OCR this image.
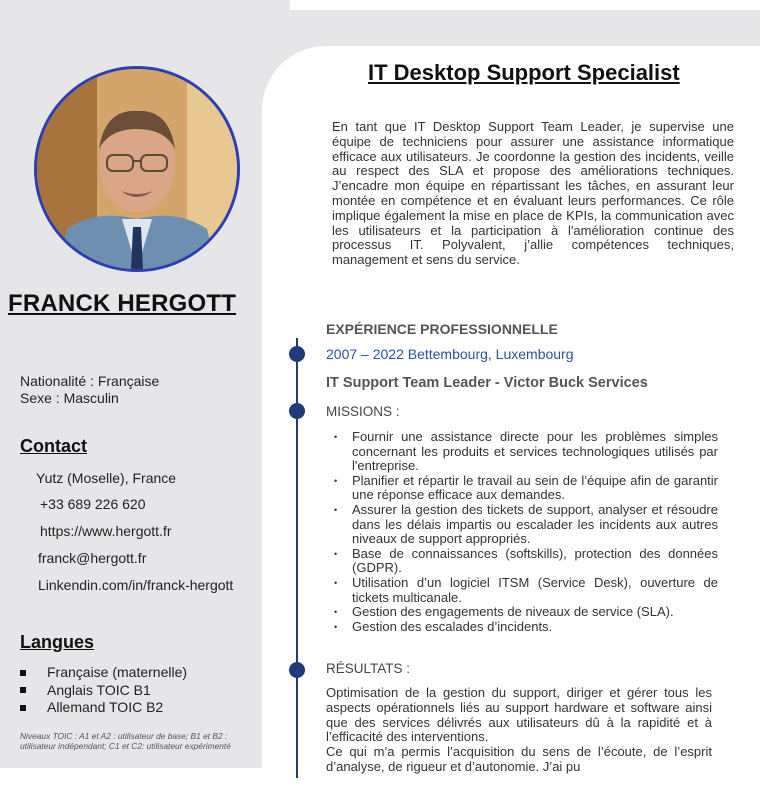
FRANCK HERGOTT
Nationalité : Française
Sexe : Masculin
Contact
Yutz (Moselle), France
+33 689 226 620
https://www.hergott.fr
franck@hergott.fr
Linkendin.com/in/franck-hergott
Langues
Française (maternelle)
Anglais TOIC B1
Allemand TOIC B2
Niveaux TOIC : A1 et A2 : utilisateur de base; B1 et B2 : utilisateur indépendant; C1 et C2: utilisateur expérimenté
IT Desktop Support Specialist
En tant que IT Desktop Support Team Leader, je supervise une équipe de techniciens pour assurer une assistance informatique efficace aux utilisateurs. Je coordonne la gestion des incidents, veille au respect des SLA et propose des améliorations techniques. J’encadre mon équipe en répartissant les tâches, en assurant leur montée en compétence et en évaluant leurs performances. Ce rôle implique également la mise en place de KPIs, la communication avec les utilisateurs et la participation à l'amélioration continue des processus IT. Polyvalent, j’allie compétences techniques, management et sens du service.
EXPÉRIENCE PROFESSIONNELLE
2007 – 2022 Bettembourg, Luxembourg
IT Support Team Leader - Victor Buck Services
MISSIONS :
• Fournir une assistance directe pour les problèmes simples concernant les produits et services technologiques utilisés par l'entreprise.
• Planifier et répartir le travail au sein de l’équipe afin de garantir une réponse efficace aux demandes.
• Assurer la gestion des tickets de support, analyser et résoudre dans les délais impartis ou escalader les incidents aux autres niveaux de support appropriés.
• Base de connaissances (softskills), protection des données (GDPR).
• Utilisation d’un logiciel ITSM (Service Desk), ouverture de tickets multicanale.
• Gestion des engagements de niveaux de service (SLA).
• Gestion des escalades d’incidents.
RÉSULTATS :
Optimisation de la gestion du support, diriger et gérer tous les aspects opérationnels liés au support hardware et software ainsi que des services délivrés aux utilisateurs dû à la rapidité et à l’efficacité des interventions.
Ce qui m’a permis l’acquisition du sens de l’écoute, de l’esprit d’analyse, de rigueur et d’autonomie. J’ai pu
